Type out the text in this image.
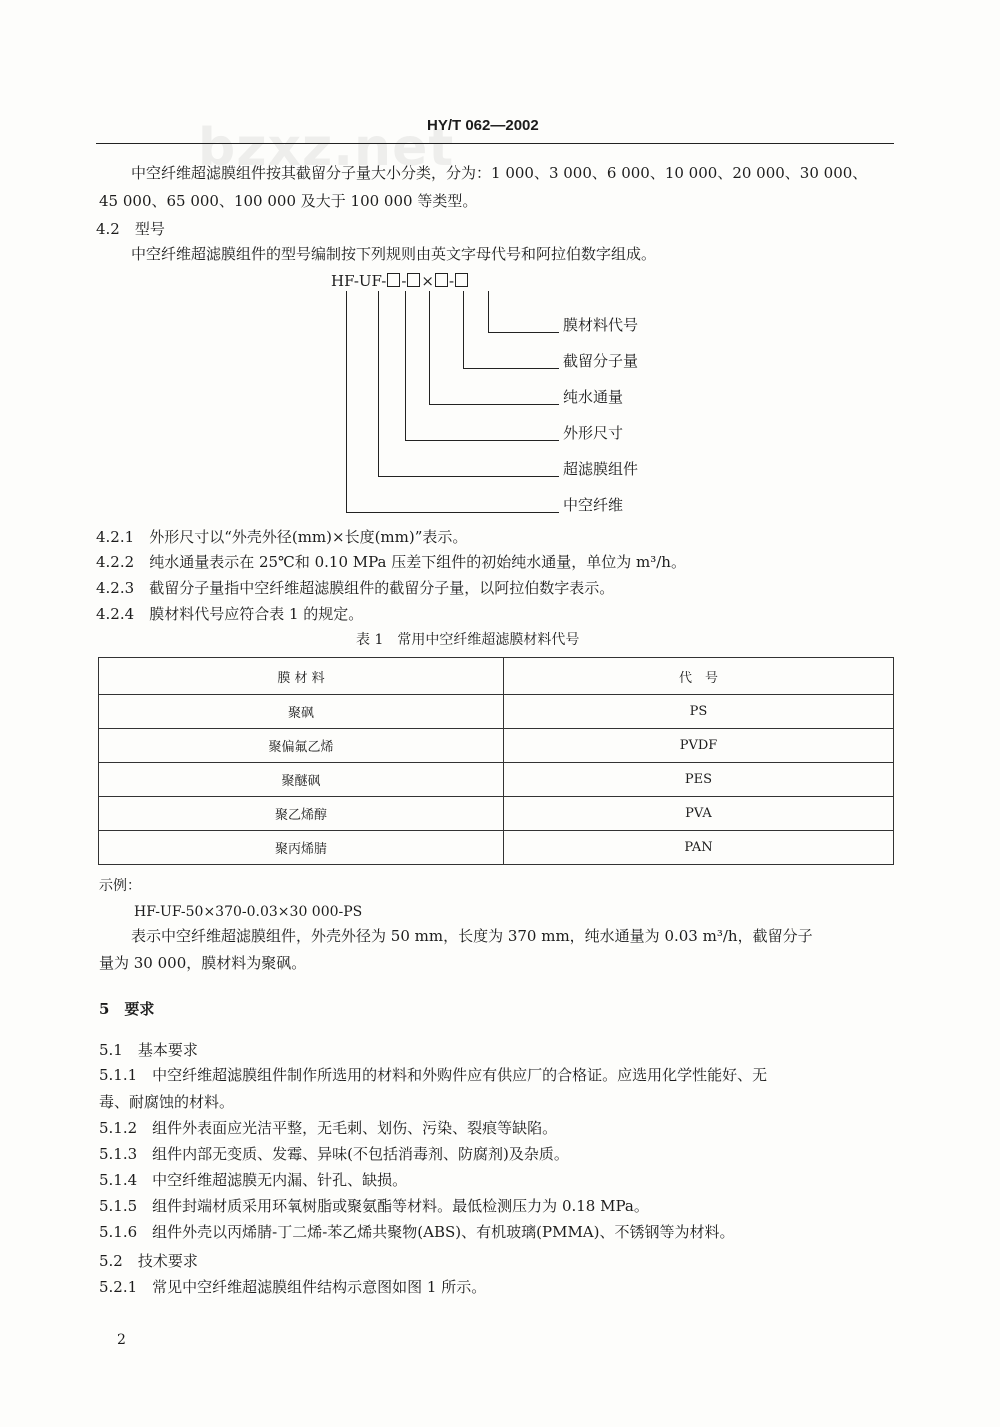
bzxz.net
HY/T 062—2002
中空纤维超滤膜组件按其截留分子量大小分类，分为：1 000、3 000、6 000、10 000、20 000、30 000、
45 000、65 000、100 000 及大于 100 000 等类型。
4.2　型号
中空纤维超滤膜组件的型号编制按下列规则由英文字母代号和阿拉伯数字组成。
HF-UF- - × -
膜材料代号
截留分子量
纯水通量
外形尺寸
超滤膜组件
中空纤维
4.2.1　 外形尺寸以“外壳外径(mm)×长度(mm)”表示。
4.2.2　 纯水通量表示在 25℃和 0.10 MPa 压差下组件的初始纯水通量，单位为 m³/h。
4.2.3　 截留分子量指中空纤维超滤膜组件的截留分子量，以阿拉伯数字表示。
4.2.4　 膜材料代号应符合表 1 的规定。
表 1　常用中空纤维超滤膜材料代号
膜 材 料	代　号
聚砜	PS
聚偏氟乙烯	PVDF
聚醚砜	PES
聚乙烯醇	PVA
聚丙烯腈	PAN
示例：
HF-UF-50×370-0.03×30 000-PS
表示中空纤维超滤膜组件，外壳外径为 50 mm，长度为 370 mm，纯水通量为 0.03 m³/h，截留分子
量为 30 000，膜材料为聚砜。
5　要求
5.1　基本要求
5.1.1　中空纤维超滤膜组件制作所选用的材料和外购件应有供应厂的合格证。应选用化学性能好、无
毒、耐腐蚀的材料。
5.1.2　组件外表面应光洁平整，无毛刺、划伤、污染、裂痕等缺陷。
5.1.3　组件内部无变质、发霉、异味(不包括消毒剂、防腐剂)及杂质。
5.1.4　中空纤维超滤膜无内漏、针孔、缺损。
5.1.5　组件封端材质采用环氧树脂或聚氨酯等材料。最低检测压力为 0.18 MPa。
5.1.6　组件外壳以丙烯腈-丁二烯-苯乙烯共聚物(ABS)、有机玻璃(PMMA)、不锈钢等为材料。
5.2　技术要求
5.2.1　常见中空纤维超滤膜组件结构示意图如图 1 所示。
2
